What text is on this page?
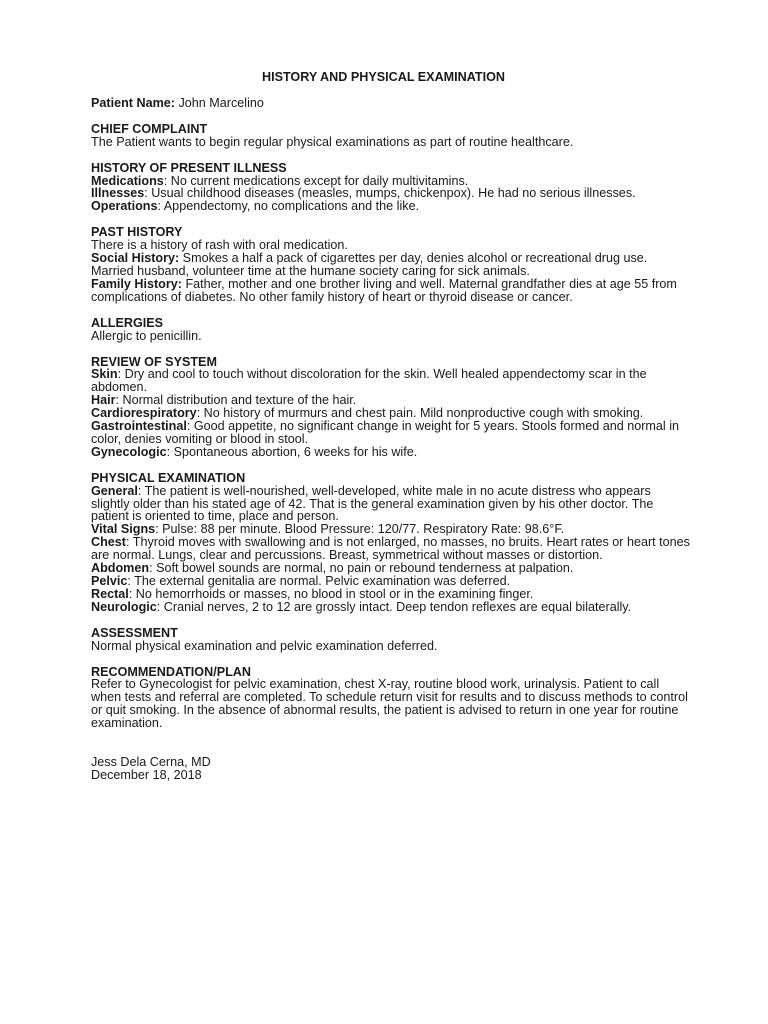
HISTORY AND PHYSICAL EXAMINATION

Patient Name: John Marcelino

CHIEF COMPLAINT

The Patient wants to begin regular physical examinations as part of routine healthcare.

HISTORY OF PRESENT ILLNESS

Medications: No current medications except for daily multivitamins.

Illnesses: Usual childhood diseases (measles, mumps, chickenpox). He had no serious illnesses.

Operations: Appendectomy, no complications and the like.

PAST HISTORY

There is a history of rash with oral medication.

Social History: Smokes a half a pack of cigarettes per day, denies alcohol or recreational drug use. Married husband, volunteer time at the humane society caring for sick animals.

Family History: Father, mother and one brother living and well. Maternal grandfather dies at age 55 from complications of diabetes. No other family history of heart or thyroid disease or cancer.

ALLERGIES

Allergic to penicillin.

REVIEW OF SYSTEM

Skin: Dry and cool to touch without discoloration for the skin. Well healed appendectomy scar in the abdomen.

Hair: Normal distribution and texture of the hair.

Cardiorespiratory: No history of murmurs and chest pain. Mild nonproductive cough with smoking.

Gastrointestinal: Good appetite, no significant change in weight for 5 years. Stools formed and normal in color, denies vomiting or blood in stool.

Gynecologic: Spontaneous abortion, 6 weeks for his wife.

PHYSICAL EXAMINATION

General: The patient is well-nourished, well-developed, white male in no acute distress who appears slightly older than his stated age of 42. That is the general examination given by his other doctor. The patient is oriented to time, place and person.

Vital Signs: Pulse: 88 per minute. Blood Pressure: 120/77. Respiratory Rate: 98.6°F.

Chest: Thyroid moves with swallowing and is not enlarged, no masses, no bruits. Heart rates or heart tones are normal. Lungs, clear and percussions. Breast, symmetrical without masses or distortion.

Abdomen: Soft bowel sounds are normal, no pain or rebound tenderness at palpation.

Pelvic: The external genitalia are normal. Pelvic examination was deferred.

Rectal: No hemorrhoids or masses, no blood in stool or in the examining finger.

Neurologic: Cranial nerves, 2 to 12 are grossly intact. Deep tendon reflexes are equal bilaterally.

ASSESSMENT

Normal physical examination and pelvic examination deferred.

RECOMMENDATION/PLAN

Refer to Gynecologist for pelvic examination, chest X-ray, routine blood work, urinalysis. Patient to call when tests and referral are completed. To schedule return visit for results and to discuss methods to control or quit smoking. In the absence of abnormal results, the patient is advised to return in one year for routine examination.

Jess Dela Cerna, MD
December 18, 2018
